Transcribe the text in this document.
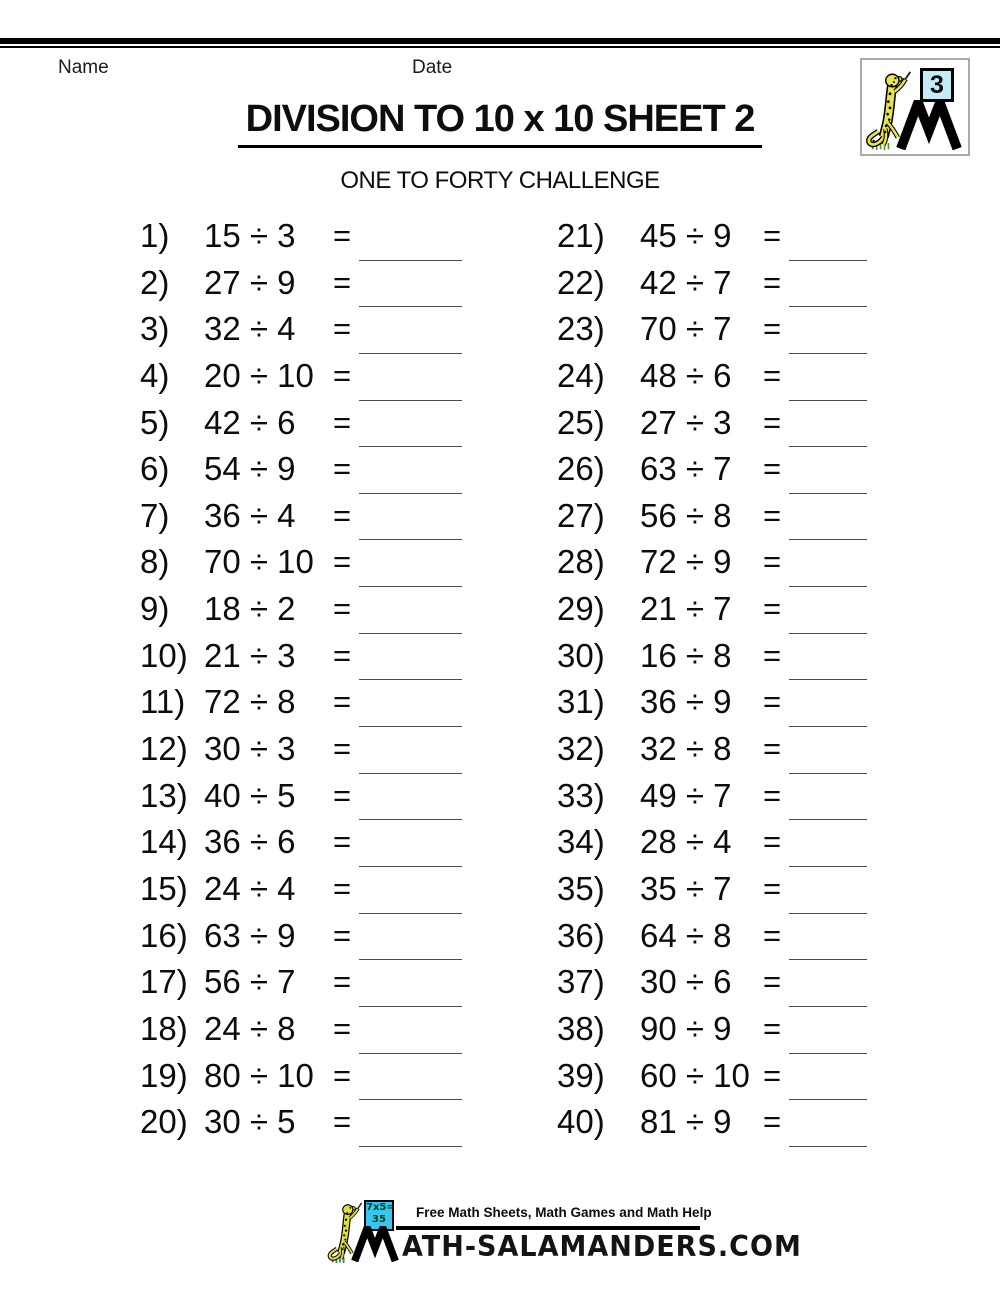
Name	Date
3
DIVISION TO 10 x 10 SHEET 2
ONE TO FORTY CHALLENGE
1) 15 ÷ 3 =
2) 27 ÷ 9 =
3) 32 ÷ 4 =
4) 20 ÷ 10 =
5) 42 ÷ 6 =
6) 54 ÷ 9 =
7) 36 ÷ 4 =
8) 70 ÷ 10 =
9) 18 ÷ 2 =
10) 21 ÷ 3 =
11) 72 ÷ 8 =
12) 30 ÷ 3 =
13) 40 ÷ 5 =
14) 36 ÷ 6 =
15) 24 ÷ 4 =
16) 63 ÷ 9 =
17) 56 ÷ 7 =
18) 24 ÷ 8 =
19) 80 ÷ 10 =
20) 30 ÷ 5 =
21) 45 ÷ 9 =
22) 42 ÷ 7 =
23) 70 ÷ 7 =
24) 48 ÷ 6 =
25) 27 ÷ 3 =
26) 63 ÷ 7 =
27) 56 ÷ 8 =
28) 72 ÷ 9 =
29) 21 ÷ 7 =
30) 16 ÷ 8 =
31) 36 ÷ 9 =
32) 32 ÷ 8 =
33) 49 ÷ 7 =
34) 28 ÷ 4 =
35) 35 ÷ 7 =
36) 64 ÷ 8 =
37) 30 ÷ 6 =
38) 90 ÷ 9 =
39) 60 ÷ 10 =
40) 81 ÷ 9 =
7x5=
35	Free Math Sheets, Math Games and Math Help
ATH-SALAMANDERS.COM
